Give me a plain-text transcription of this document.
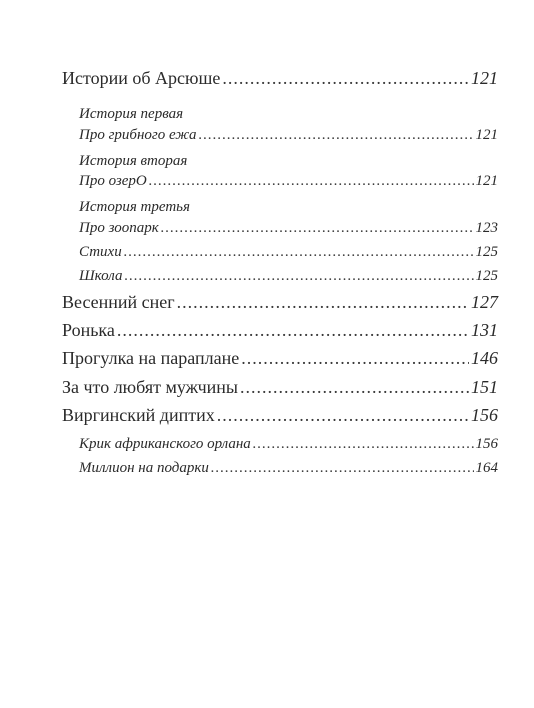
Истории об Арсюше .....	121
История первая
Про грибного ежа .....	121
История вторая
Про озерО .....	121
История третья
Про зоопарк .....	123
Стихи .....	125
Школа .....	125
Весенний снег .....	127
Ронька .....	131
Прогулка на параплане .....	146
За что любят мужчины .....	151
Виргинский диптих .....	156
Крик африканского орлана .....	156
Миллион на подарки .....	164
